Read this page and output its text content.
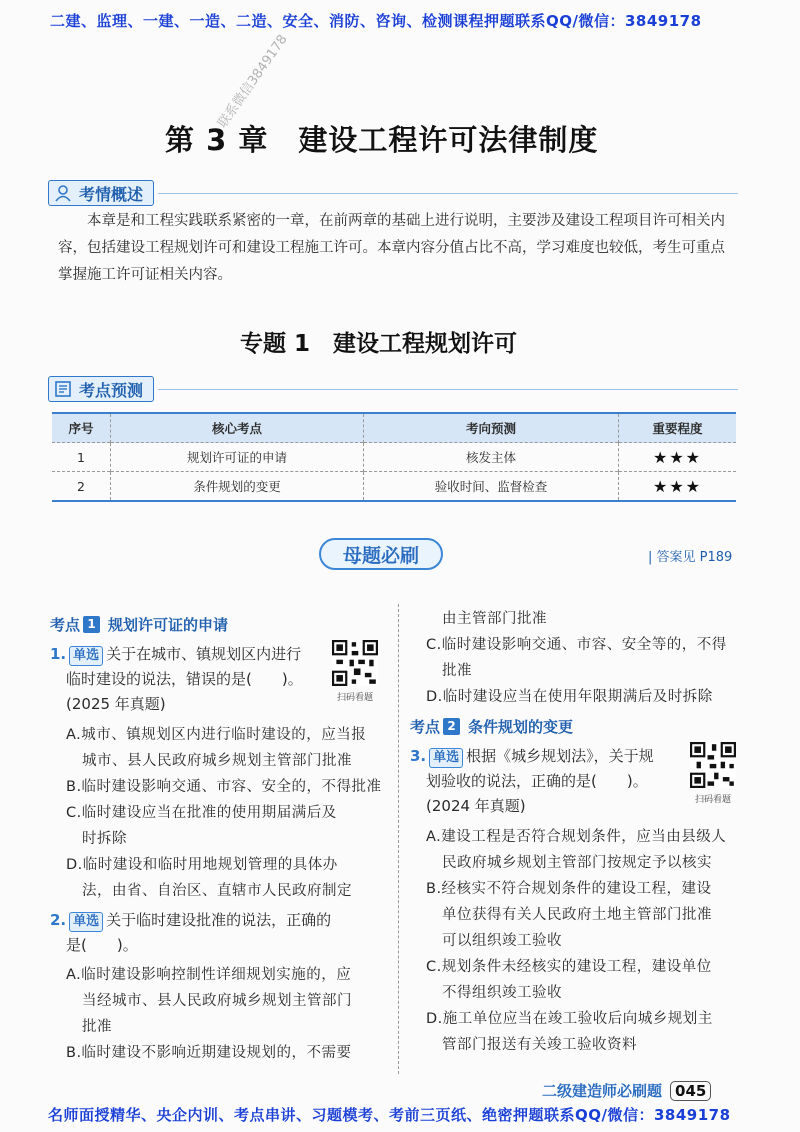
二建、监理、一建、一造、二造、安全、消防、咨询、检测课程押题联系QQ/微信：3849178
联系微信3849178
第 3 章　建设工程许可法律制度
考情概述
本章是和工程实践联系紧密的一章，在前两章的基础上进行说明，主要涉及建设工程项目许可相关内容，包括建设工程规划许可和建设工程施工许可。本章内容分值占比不高，学习难度也较低，考生可重点掌握施工许可证相关内容。
专题 1　建设工程规划许可
考点预测
序号	核心考点	考向预测	重要程度
1	规划许可证的申请	核发主体	★★★
2	条件规划的变更	验收时间、监督检查	★★★
母题必刷	| 答案见 P189
考点 1 规划许可证的申请
1. 单选 关于在城市、镇规划区内进行
临时建设的说法，错误的是(　　)。
(2025 年真题)	扫码看题
A.城市、镇规划区内进行临时建设的，应当报
城市、县人民政府城乡规划主管部门批准
B.临时建设影响交通、市容、安全的，不得批准
C.临时建设应当在批准的使用期届满后及
时拆除
D.临时建设和临时用地规划管理的具体办
法，由省、自治区、直辖市人民政府制定
2. 单选 关于临时建设批准的说法，正确的
是(　　)。
A.临时建设影响控制性详细规划实施的，应
当经城市、县人民政府城乡规划主管部门
批准
B.临时建设不影响近期建设规划的，不需要
由主管部门批准
C.临时建设影响交通、市容、安全等的，不得
批准
D.临时建设应当在使用年限期满后及时拆除
考点 2 条件规划的变更
3. 单选 根据《城乡规划法》，关于规
划验收的说法，正确的是(　　)。
(2024 年真题)	扫码看题
A.建设工程是否符合规划条件，应当由县级人
民政府城乡规划主管部门按规定予以核实
B.经核实不符合规划条件的建设工程，建设
单位获得有关人民政府土地主管部门批准
可以组织竣工验收
C.规划条件未经核实的建设工程，建设单位
不得组织竣工验收
D.施工单位应当在竣工验收后向城乡规划主
管部门报送有关竣工验收资料
二级建造师必刷题 045
名师面授精华、央企内训、考点串讲、习题模考、考前三页纸、绝密押题联系QQ/微信：3849178
